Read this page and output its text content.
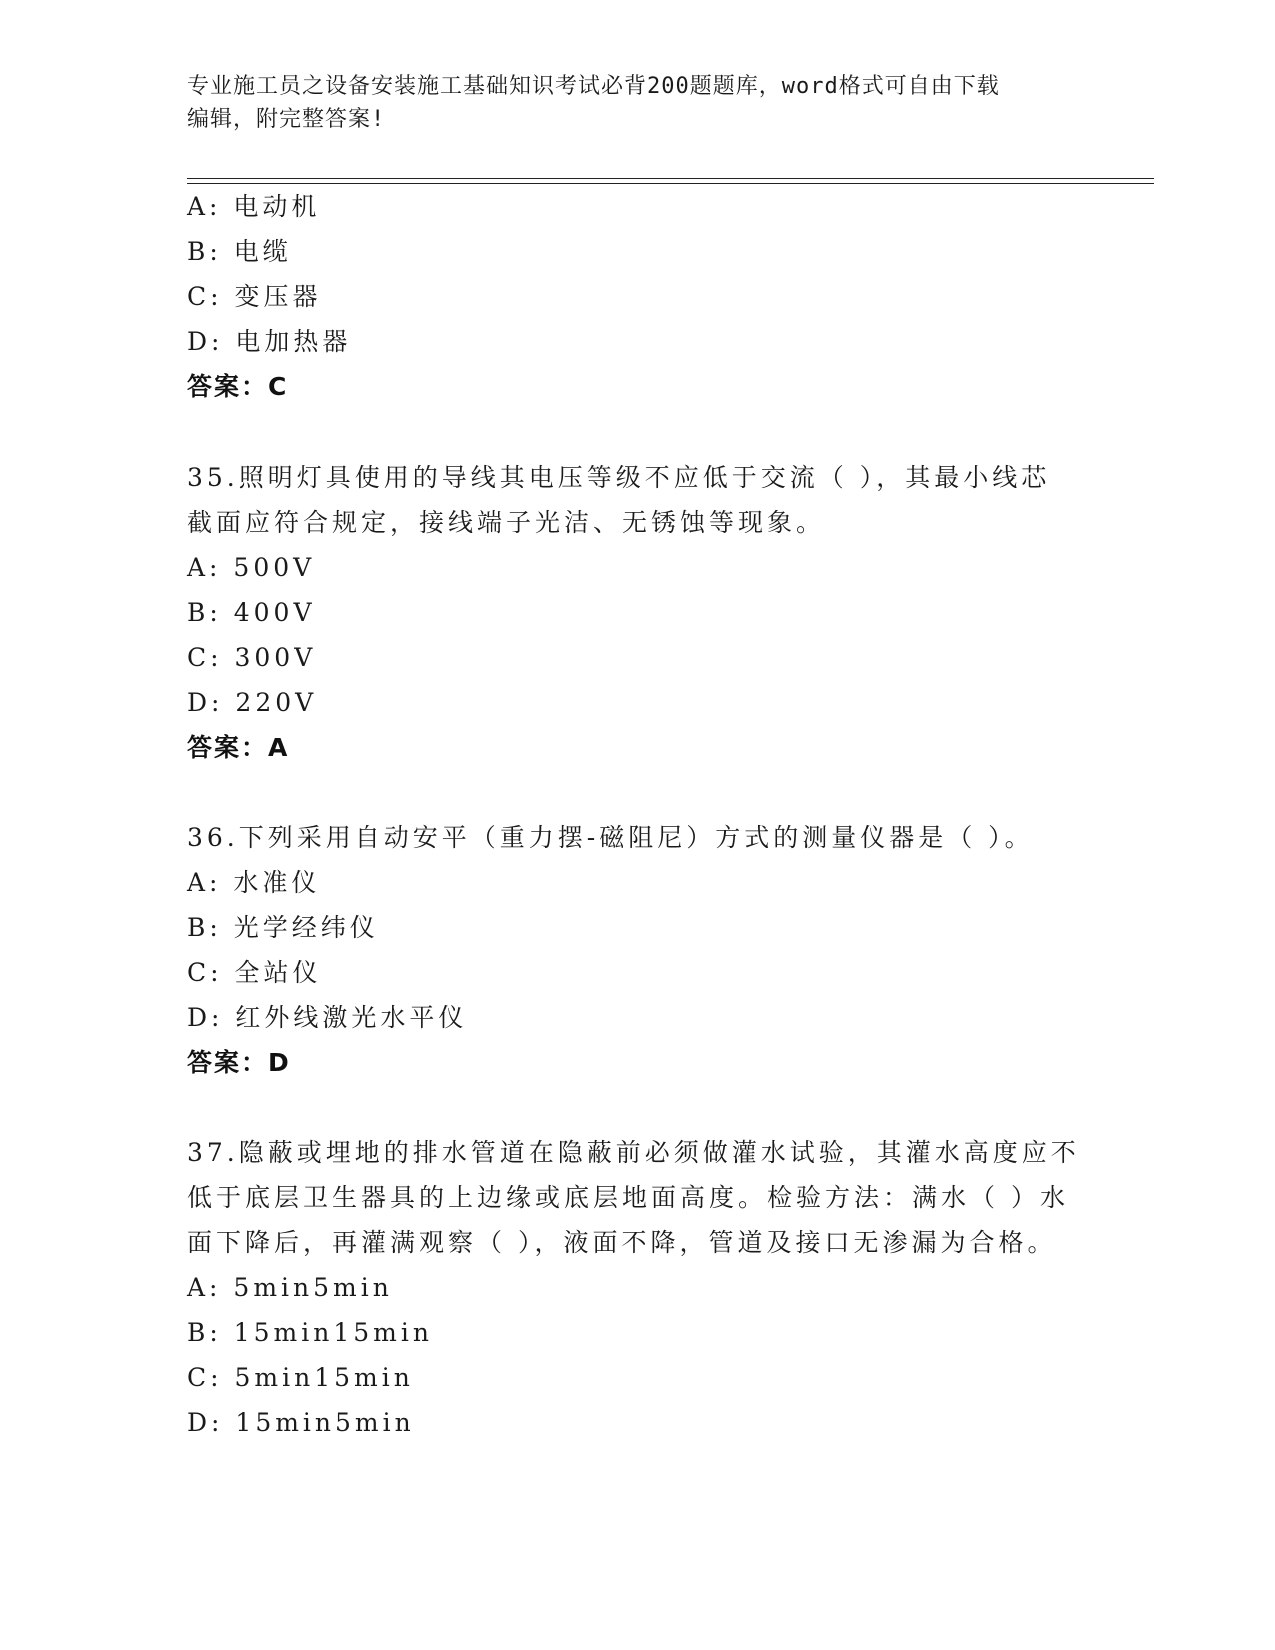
专业施工员之设备安装施工基础知识考试必背200题题库，word格式可自由下载
编辑，附完整答案!
A: 电动机
B: 电缆
C: 变压器
D: 电加热器
答案：C
35.照明灯具使用的导线其电压等级不应低于交流（ ），其最小线芯
截面应符合规定，接线端子光洁、无锈蚀等现象。
A: 500V
B: 400V
C: 300V
D: 220V
答案：A
36.下列采用自动安平（重力摆-磁阻尼）方式的测量仪器是（ ）。
A: 水准仪
B: 光学经纬仪
C: 全站仪
D: 红外线激光水平仪
答案：D
37.隐蔽或埋地的排水管道在隐蔽前必须做灌水试验，其灌水高度应不
低于底层卫生器具的上边缘或底层地面高度。检验方法：满水（ ）水
面下降后，再灌满观察（ ），液面不降，管道及接口无渗漏为合格。
A: 5min5min
B: 15min15min
C: 5min15min
D: 15min5min
